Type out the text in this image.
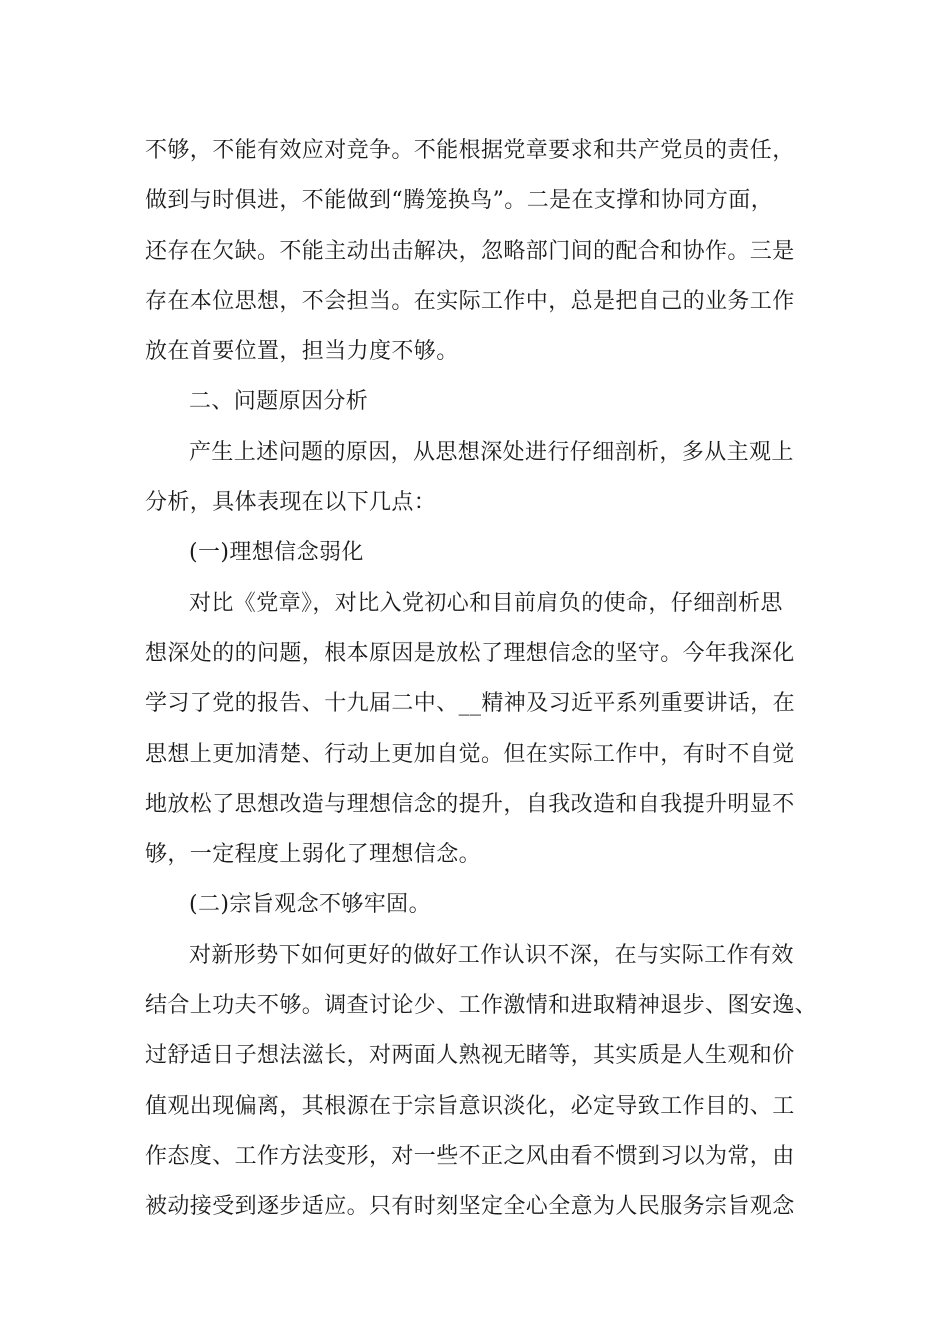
不够，不能有效应对竞争。不能根据党章要求和共产党员的责任，
做到与时俱进，不能做到“腾笼换鸟”。二是在支撑和协同方面，
还存在欠缺。不能主动出击解决，忽略部门间的配合和协作。三是
存在本位思想，不会担当。在实际工作中，总是把自己的业务工作
放在首要位置，担当力度不够。
二、问题原因分析
产生上述问题的原因，从思想深处进行仔细剖析，多从主观上
分析，具体表现在以下几点：
(一)理想信念弱化
对比《党章》，对比入党初心和目前肩负的使命，仔细剖析思
想深处的的问题，根本原因是放松了理想信念的坚守。今年我深化
学习了党的报告、十九届二中、__精神及习近平系列重要讲话，在
思想上更加清楚、行动上更加自觉。但在实际工作中，有时不自觉
地放松了思想改造与理想信念的提升，自我改造和自我提升明显不
够，一定程度上弱化了理想信念。
(二)宗旨观念不够牢固。
对新形势下如何更好的做好工作认识不深，在与实际工作有效
结合上功夫不够。调查讨论少、工作激情和进取精神退步、图安逸、
过舒适日子想法滋长，对两面人熟视无睹等，其实质是人生观和价
值观出现偏离，其根源在于宗旨意识淡化，必定导致工作目的、工
作态度、工作方法变形，对一些不正之风由看不惯到习以为常，由
被动接受到逐步适应。只有时刻坚定全心全意为人民服务宗旨观念
